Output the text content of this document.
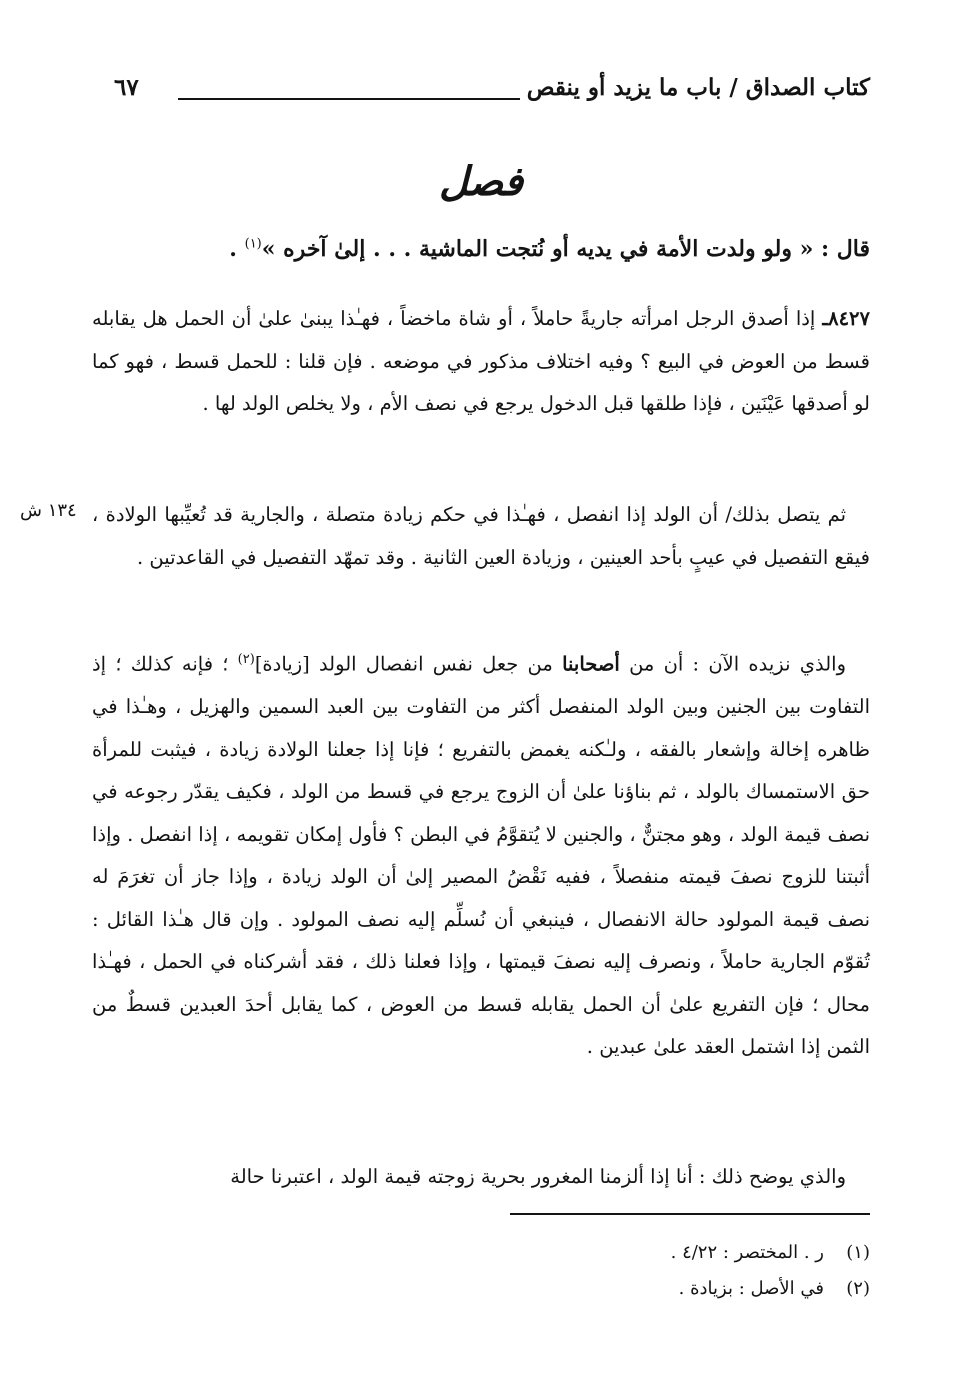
كتاب الصداق / باب ما يزيد أو ينقص
٦٧
فصل
قال : « ولو ولدت الأمة في يديه أو نُتجت الماشية . . . إلىٰ آخره »$^{(١)}$ .
٨٤٢٧ـ إذا أصدق الرجل امرأته جاريةً حاملاً ، أو شاة ماخضاً ، فهـٰذا يبنىٰ علىٰ أن الحمل هل يقابله قسط من العوض في البيع ؟ وفيه اختلاف مذكور في موضعه . فإن قلنا : للحمل قسط ، فهو كما لو أصدقها عَيْنَين ، فإذا طلقها قبل الدخول يرجع في نصف الأم ، ولا يخلص الولد لها .
١٣٤ ش ثم يتصل بذلك/ أن الولد إذا انفصل ، فهـٰذا في حكم زيادة متصلة ، والجارية قد تُعيِّبها الولادة ، فيقع التفصيل في عيبٍ بأحد العينين ، وزيادة العين الثانية . وقد تمهّد التفصيل في القاعدتين .
والذي نزيده الآن : أن من أصحابنا من جعل نفس انفصال الولد [زيادة]$^{(٢)}$ ؛ فإنه كذلك ؛ إذ التفاوت بين الجنين وبين الولد المنفصل أكثر من التفاوت بين العبد السمين والهزيل ، وهـٰذا في ظاهره إخالة وإشعار بالفقه ، ولـٰكنه يغمض بالتفريع ؛ فإنا إذا جعلنا الولادة زيادة ، فيثبت للمرأة حق الاستمساك بالولد ، ثم بناؤنا علىٰ أن الزوج يرجع في قسط من الولد ، فكيف يقدّر رجوعه في نصف قيمة الولد ، وهو مجتنٌّ ، والجنين لا يُتقوَّمُ في البطن ؟ فأول إمكان تقويمه ، إذا انفصل . وإذا أثبتنا للزوج نصفَ قيمته منفصلاً ، ففيه نَقْضُ المصير إلىٰ أن الولد زيادة ، وإذا جاز أن تغرَمَ له نصف قيمة المولود حالة الانفصال ، فينبغي أن نُسلِّم إليه نصف المولود . وإن قال هـٰذا القائل : تُقوّم الجارية حاملاً ، ونصرف إليه نصفَ قيمتها ، وإذا فعلنا ذلك ، فقد أشركناه في الحمل ، فهـٰذا محال ؛ فإن التفريع علىٰ أن الحمل يقابله قسط من العوض ، كما يقابل أحدَ العبدين قسطٌ من الثمن إذا اشتمل العقد علىٰ عبدين .
والذي يوضح ذلك : أنا إذا ألزمنا المغرور بحرية زوجته قيمة الولد ، اعتبرنا حالة
(١)ر . المختصر : ٤/٢٢ .
(٢)في الأصل : بزيادة .
